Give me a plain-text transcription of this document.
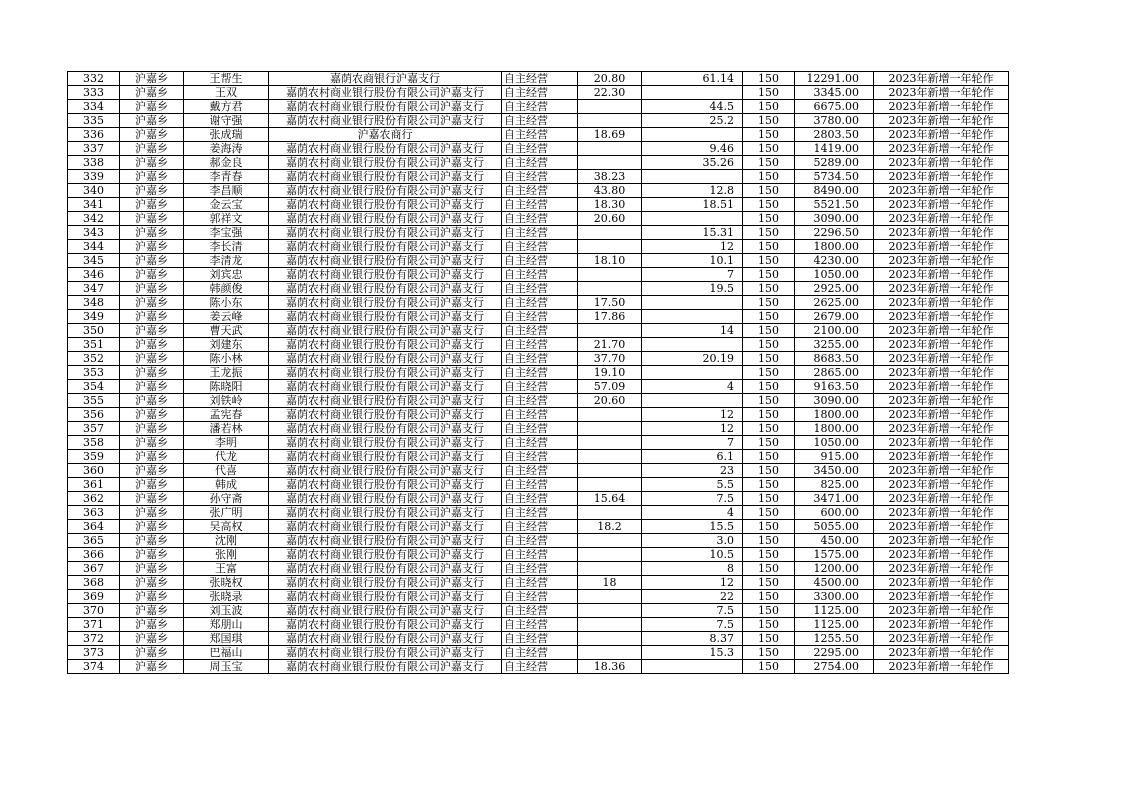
332	沪嘉乡	王帮生	嘉荫农商银行沪嘉支行	自主经营	20.80	61.14	150	12291.00	2023年新增一年轮作
333	沪嘉乡	王双	嘉荫农村商业银行股份有限公司沪嘉支行	自主经营	22.30		150	3345.00	2023年新增一年轮作
334	沪嘉乡	戴方君	嘉荫农村商业银行股份有限公司沪嘉支行	自主经营		44.5	150	6675.00	2023年新增一年轮作
335	沪嘉乡	谢守强	嘉荫农村商业银行股份有限公司沪嘉支行	自主经营		25.2	150	3780.00	2023年新增一年轮作
336	沪嘉乡	张成瑞	沪嘉农商行	自主经营	18.69		150	2803.50	2023年新增一年轮作
337	沪嘉乡	姜海涛	嘉荫农村商业银行股份有限公司沪嘉支行	自主经营		9.46	150	1419.00	2023年新增一年轮作
338	沪嘉乡	郝金良	嘉荫农村商业银行股份有限公司沪嘉支行	自主经营		35.26	150	5289.00	2023年新增一年轮作
339	沪嘉乡	李青春	嘉荫农村商业银行股份有限公司沪嘉支行	自主经营	38.23		150	5734.50	2023年新增一年轮作
340	沪嘉乡	李昌顺	嘉荫农村商业银行股份有限公司沪嘉支行	自主经营	43.80	12.8	150	8490.00	2023年新增一年轮作
341	沪嘉乡	金云宝	嘉荫农村商业银行股份有限公司沪嘉支行	自主经营	18.30	18.51	150	5521.50	2023年新增一年轮作
342	沪嘉乡	郭祥文	嘉荫农村商业银行股份有限公司沪嘉支行	自主经营	20.60		150	3090.00	2023年新增一年轮作
343	沪嘉乡	李宝强	嘉荫农村商业银行股份有限公司沪嘉支行	自主经营		15.31	150	2296.50	2023年新增一年轮作
344	沪嘉乡	李长清	嘉荫农村商业银行股份有限公司沪嘉支行	自主经营		12	150	1800.00	2023年新增一年轮作
345	沪嘉乡	李清龙	嘉荫农村商业银行股份有限公司沪嘉支行	自主经营	18.10	10.1	150	4230.00	2023年新增一年轮作
346	沪嘉乡	刘宾忠	嘉荫农村商业银行股份有限公司沪嘉支行	自主经营		7	150	1050.00	2023年新增一年轮作
347	沪嘉乡	韩颜俊	嘉荫农村商业银行股份有限公司沪嘉支行	自主经营		19.5	150	2925.00	2023年新增一年轮作
348	沪嘉乡	陈小东	嘉荫农村商业银行股份有限公司沪嘉支行	自主经营	17.50		150	2625.00	2023年新增一年轮作
349	沪嘉乡	姜云峰	嘉荫农村商业银行股份有限公司沪嘉支行	自主经营	17.86		150	2679.00	2023年新增一年轮作
350	沪嘉乡	曹天武	嘉荫农村商业银行股份有限公司沪嘉支行	自主经营		14	150	2100.00	2023年新增一年轮作
351	沪嘉乡	刘建东	嘉荫农村商业银行股份有限公司沪嘉支行	自主经营	21.70		150	3255.00	2023年新增一年轮作
352	沪嘉乡	陈小林	嘉荫农村商业银行股份有限公司沪嘉支行	自主经营	37.70	20.19	150	8683.50	2023年新增一年轮作
353	沪嘉乡	王龙振	嘉荫农村商业银行股份有限公司沪嘉支行	自主经营	19.10		150	2865.00	2023年新增一年轮作
354	沪嘉乡	陈晓阳	嘉荫农村商业银行股份有限公司沪嘉支行	自主经营	57.09	4	150	9163.50	2023年新增一年轮作
355	沪嘉乡	刘铁岭	嘉荫农村商业银行股份有限公司沪嘉支行	自主经营	20.60		150	3090.00	2023年新增一年轮作
356	沪嘉乡	孟宪春	嘉荫农村商业银行股份有限公司沪嘉支行	自主经营		12	150	1800.00	2023年新增一年轮作
357	沪嘉乡	潘若林	嘉荫农村商业银行股份有限公司沪嘉支行	自主经营		12	150	1800.00	2023年新增一年轮作
358	沪嘉乡	李明	嘉荫农村商业银行股份有限公司沪嘉支行	自主经营		7	150	1050.00	2023年新增一年轮作
359	沪嘉乡	代龙	嘉荫农村商业银行股份有限公司沪嘉支行	自主经营		6.1	150	915.00	2023年新增一年轮作
360	沪嘉乡	代喜	嘉荫农村商业银行股份有限公司沪嘉支行	自主经营		23	150	3450.00	2023年新增一年轮作
361	沪嘉乡	韩成	嘉荫农村商业银行股份有限公司沪嘉支行	自主经营		5.5	150	825.00	2023年新增一年轮作
362	沪嘉乡	孙守斋	嘉荫农村商业银行股份有限公司沪嘉支行	自主经营	15.64	7.5	150	3471.00	2023年新增一年轮作
363	沪嘉乡	张广明	嘉荫农村商业银行股份有限公司沪嘉支行	自主经营		4	150	600.00	2023年新增一年轮作
364	沪嘉乡	吴高权	嘉荫农村商业银行股份有限公司沪嘉支行	自主经营	18.2	15.5	150	5055.00	2023年新增一年轮作
365	沪嘉乡	沈刚	嘉荫农村商业银行股份有限公司沪嘉支行	自主经营		3.0	150	450.00	2023年新增一年轮作
366	沪嘉乡	张刚	嘉荫农村商业银行股份有限公司沪嘉支行	自主经营		10.5	150	1575.00	2023年新增一年轮作
367	沪嘉乡	王富	嘉荫农村商业银行股份有限公司沪嘉支行	自主经营		8	150	1200.00	2023年新增一年轮作
368	沪嘉乡	张晓权	嘉荫农村商业银行股份有限公司沪嘉支行	自主经营	18	12	150	4500.00	2023年新增一年轮作
369	沪嘉乡	张晓录	嘉荫农村商业银行股份有限公司沪嘉支行	自主经营		22	150	3300.00	2023年新增一年轮作
370	沪嘉乡	刘玉波	嘉荫农村商业银行股份有限公司沪嘉支行	自主经营		7.5	150	1125.00	2023年新增一年轮作
371	沪嘉乡	郑朋山	嘉荫农村商业银行股份有限公司沪嘉支行	自主经营		7.5	150	1125.00	2023年新增一年轮作
372	沪嘉乡	郑国琪	嘉荫农村商业银行股份有限公司沪嘉支行	自主经营		8.37	150	1255.50	2023年新增一年轮作
373	沪嘉乡	巴福山	嘉荫农村商业银行股份有限公司沪嘉支行	自主经营		15.3	150	2295.00	2023年新增一年轮作
374	沪嘉乡	周玉宝	嘉荫农村商业银行股份有限公司沪嘉支行	自主经营	18.36		150	2754.00	2023年新增一年轮作
